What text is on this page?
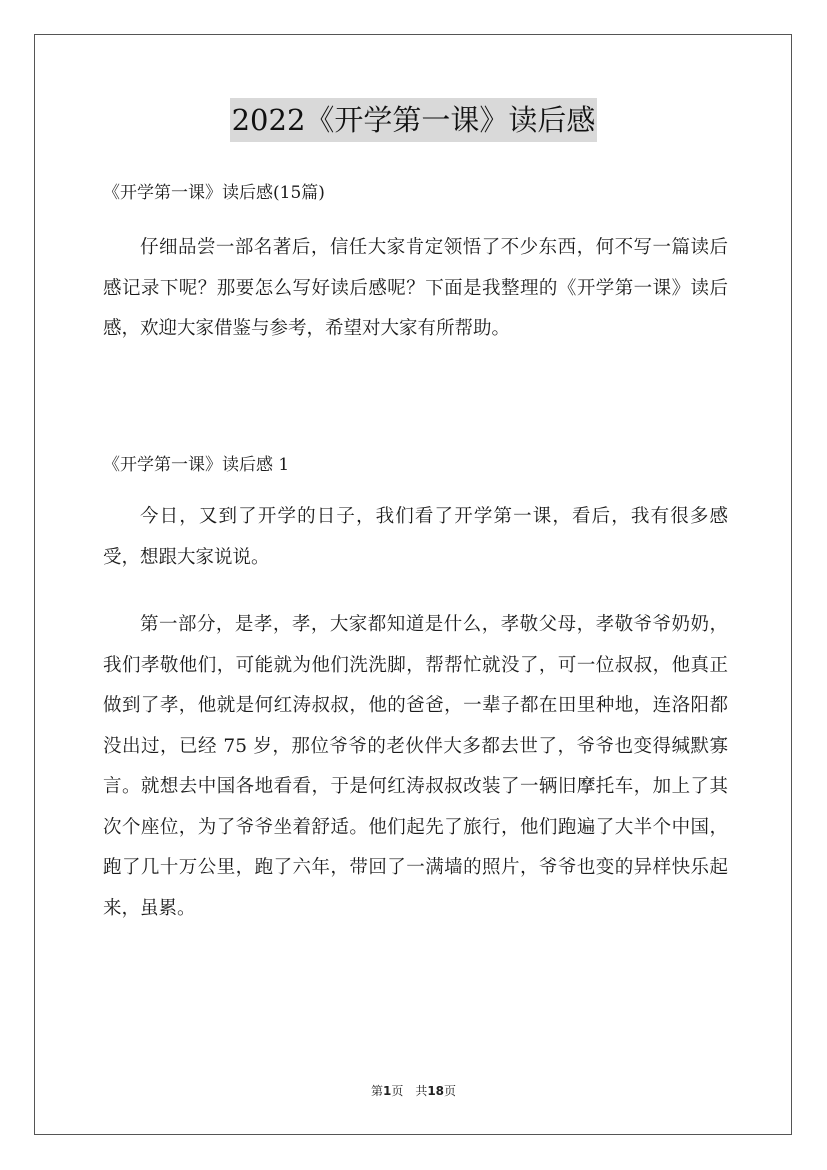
2022《开学第一课》读后感
《开学第一课》读后感(15篇)

仔细品尝一部名著后，信任大家肯定领悟了不少东西，何不写一篇读后感记录下呢？那要怎么写好读后感呢？下面是我整理的《开学第一课》读后感，欢迎大家借鉴与参考，希望对大家有所帮助。

《开学第一课》读后感 1

今日，又到了开学的日子，我们看了开学第一课，看后，我有很多感受，想跟大家说说。

第一部分，是孝，孝，大家都知道是什么，孝敬父母，孝敬爷爷奶奶，我们孝敬他们，可能就为他们洗洗脚，帮帮忙就没了，可一位叔叔，他真正做到了孝，他就是何红涛叔叔，他的爸爸，一辈子都在田里种地，连洛阳都没出过，已经 75 岁，那位爷爷的老伙伴大多都去世了，爷爷也变得缄默寡言。就想去中国各地看看，于是何红涛叔叔改装了一辆旧摩托车，加上了其次个座位，为了爷爷坐着舒适。他们起先了旅行，他们跑遍了大半个中国，跑了几十万公里，跑了六年，带回了一满墙的照片，爷爷也变的异样快乐起来，虽累。

第1页　共18页
